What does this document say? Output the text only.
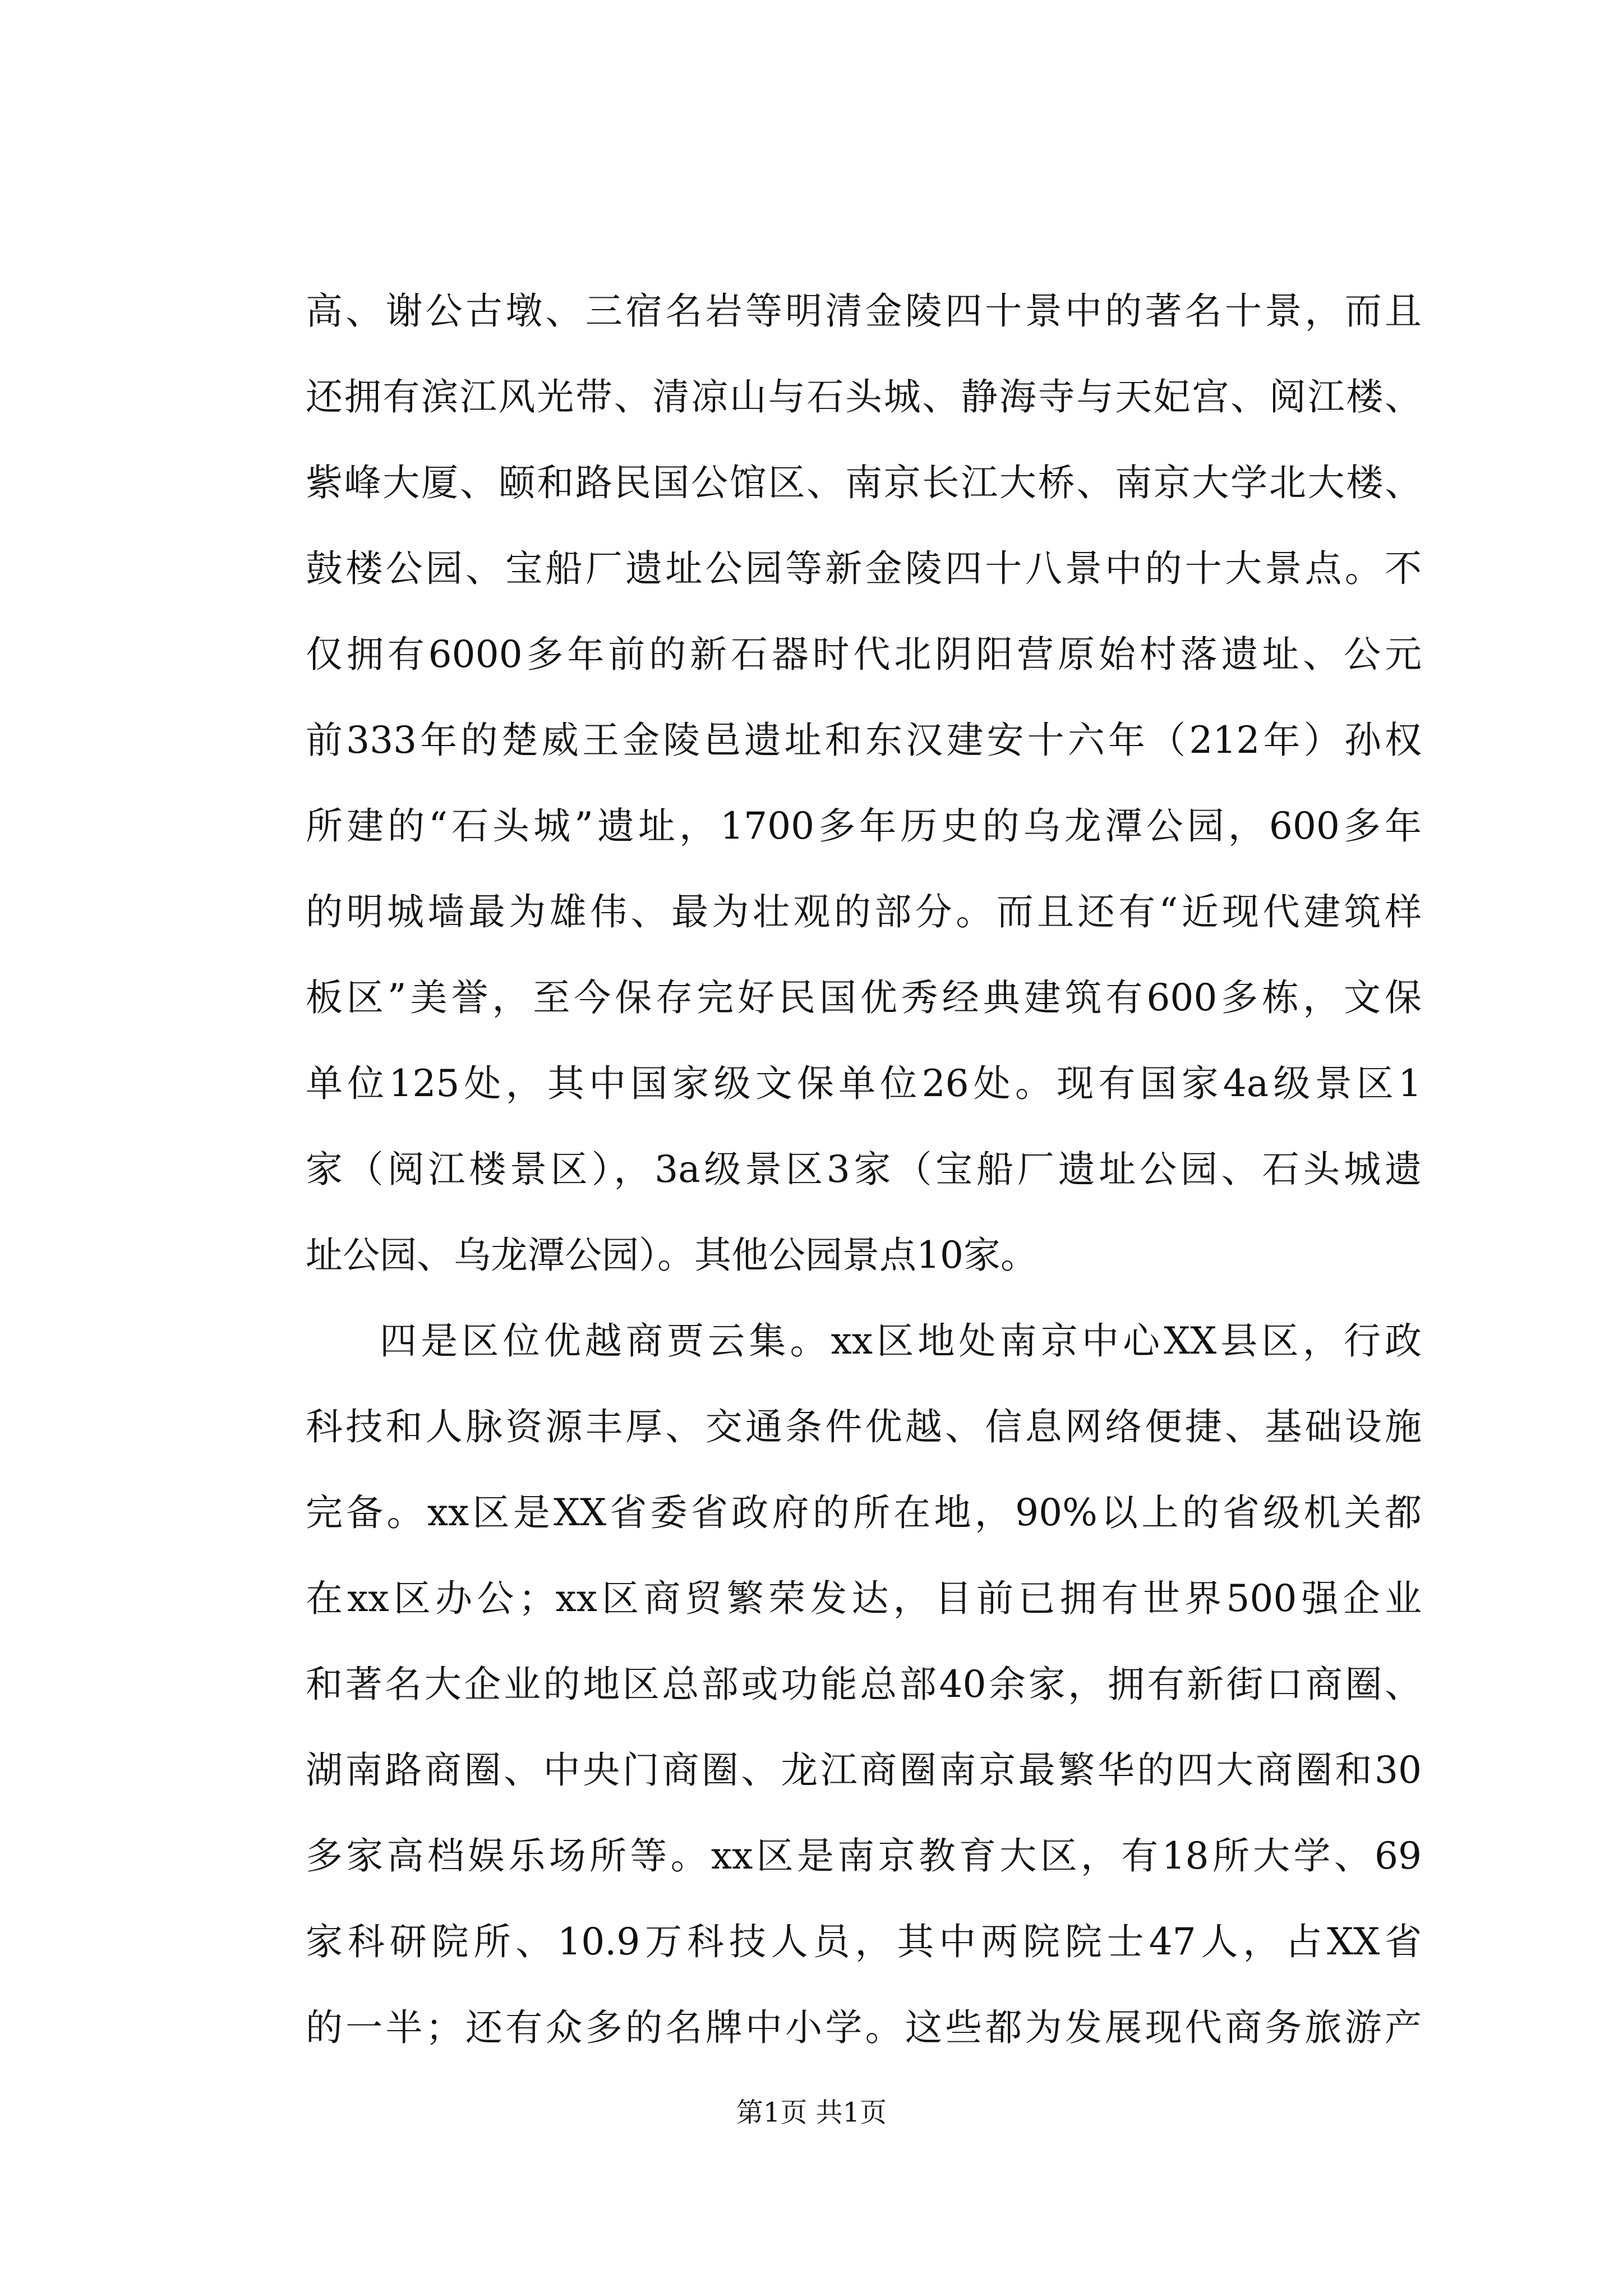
高、谢公古墩、三宿名岩等明清金陵四十景中的著名十景，而且
还拥有滨江风光带、清凉山与石头城、静海寺与天妃宫、阅江楼、
紫峰大厦、颐和路民国公馆区、南京长江大桥、南京大学北大楼、
鼓楼公园、宝船厂遗址公园等新金陵四十八景中的十大景点。不
仅拥有6000多年前的新石器时代北阴阳营原始村落遗址、公元
前333年的楚威王金陵邑遗址和东汉建安十六年（212年）孙权
所建的“石头城”遗址，1700多年历史的乌龙潭公园，600多年
的明城墙最为雄伟、最为壮观的部分。而且还有“近现代建筑样
板区”美誉，至今保存完好民国优秀经典建筑有600多栋，文保
单位125处，其中国家级文保单位26处。现有国家4a级景区1
家（阅江楼景区），3a级景区3家（宝船厂遗址公园、石头城遗
址公园、乌龙潭公园）。其他公园景点10家。
四是区位优越商贾云集。xx区地处南京中心XX县区，行政
科技和人脉资源丰厚、交通条件优越、信息网络便捷、基础设施
完备。xx区是XX省委省政府的所在地，90%以上的省级机关都
在xx区办公；xx区商贸繁荣发达，目前已拥有世界500强企业
和著名大企业的地区总部或功能总部40余家，拥有新街口商圈、
湖南路商圈、中央门商圈、龙江商圈南京最繁华的四大商圈和30
多家高档娱乐场所等。xx区是南京教育大区，有18所大学、69
家科研院所、10.9万科技人员，其中两院院士47人，占XX省
的一半；还有众多的名牌中小学。这些都为发展现代商务旅游产
第1页 共1页
